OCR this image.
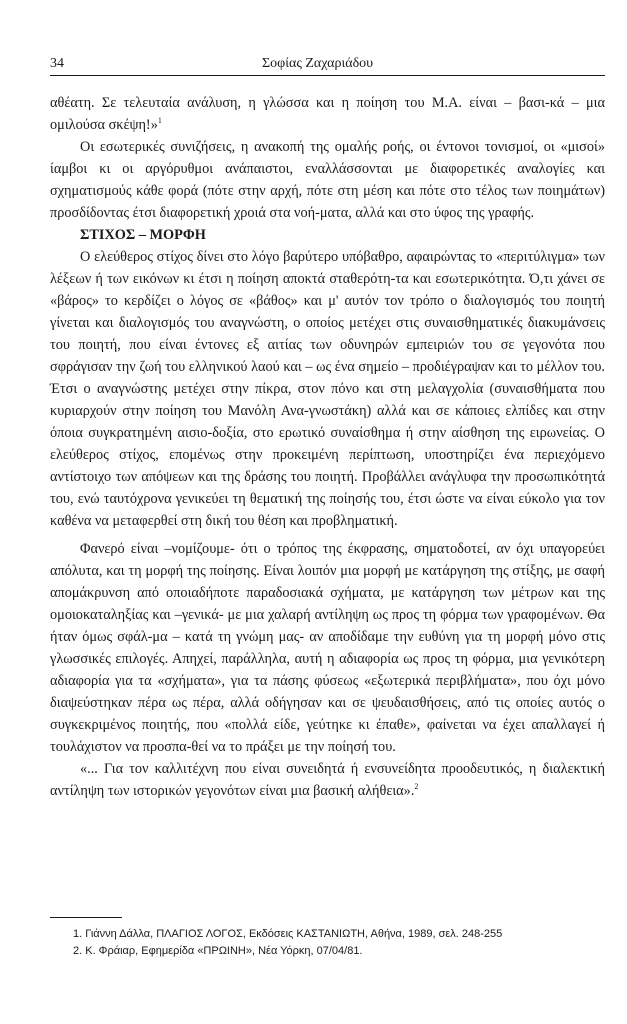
34	Σοφίας Ζαχαριάδου

αθέατη. Σε τελευταία ανάλυση, η γλώσσα και η ποίηση του Μ.Α. είναι – βασι-κά – μια ομιλούσα σκέψη!»$^1$

Οι εσωτερικές συνιζήσεις, η ανακοπή της ομαλής ροής, οι έντονοι τονισμοί, οι «μισοί» ίαμβοι κι οι αργόρυθμοι ανάπαιστοι, εναλλάσσονται με διαφορετικές αναλογίες και σχηματισμούς κάθε φορά (πότε στην αρχή, πότε στη μέση και πότε στο τέλος των ποιημάτων) προσδίδοντας έτσι διαφορετική χροιά στα νοή-ματα, αλλά και στο ύφος της γραφής.

ΣΤΙΧΟΣ – ΜΟΡΦΗ

Ο ελεύθερος στίχος δίνει στο λόγο βαρύτερο υπόβαθρο, αφαιρώντας το «περιτύλιγμα» των λέξεων ή των εικόνων κι έτσι η ποίηση αποκτά σταθερότη-τα και εσωτερικότητα. Ό,τι χάνει σε «βάρος» το κερδίζει ο λόγος σε «βάθος» και μ' αυτόν τον τρόπο ο διαλογισμός του ποιητή γίνεται και διαλογισμός του αναγνώστη, ο οποίος μετέχει στις συναισθηματικές διακυμάνσεις του ποιητή, που είναι έντονες εξ αιτίας των οδυνηρών εμπειριών του σε γεγονότα που σφράγισαν την ζωή του ελληνικού λαού και – ως ένα σημείο – προδιέγραψαν και το μέλλον του. Έτσι ο αναγνώστης μετέχει στην πίκρα, στον πόνο και στη μελαγχολία (συναισθήματα που κυριαρχούν στην ποίηση του Μανόλη Ανα-γνωστάκη) αλλά και σε κάποιες ελπίδες και στην όποια συγκρατημένη αισιο-δοξία, στο ερωτικό συναίσθημα ή στην αίσθηση της ειρωνείας. Ο ελεύθερος στίχος, επομένως στην προκειμένη περίπτωση, υποστηρίζει ένα περιεχόμενο αντίστοιχο των απόψεων και της δράσης του ποιητή. Προβάλλει ανάγλυφα την προσωπικότητά του, ενώ ταυτόχρονα γενικεύει τη θεματική της ποίησής του, έτσι ώστε να είναι εύκολο για τον καθένα να μεταφερθεί στη δική του θέση και προβληματική.

Φανερό είναι –νομίζουμε- ότι ο τρόπος της έκφρασης, σηματοδοτεί, αν όχι υπαγορεύει απόλυτα, και τη μορφή της ποίησης. Είναι λοιπόν μια μορφή με κατάργηση της στίξης, με σαφή απομάκρυνση από οποιαδήποτε παραδοσιακά σχήματα, με κατάργηση των μέτρων και της ομοιοκαταληξίας και –γενικά- με μια χαλαρή αντίληψη ως προς τη φόρμα των γραφομένων. Θα ήταν όμως σφάλ-μα – κατά τη γνώμη μας- αν αποδίδαμε την ευθύνη για τη μορφή μόνο στις γλωσσικές επιλογές. Απηχεί, παράλληλα, αυτή η αδιαφορία ως προς τη φόρμα, μια γενικότερη αδιαφορία για τα «σχήματα», για τα πάσης φύσεως «εξωτερικά περιβλήματα», που όχι μόνο διαψεύστηκαν πέρα ως πέρα, αλλά οδήγησαν και σε ψευδαισθήσεις, από τις οποίες αυτός ο συγκεκριμένος ποιητής, που «πολλά είδε, γεύτηκε κι έπαθε», φαίνεται να έχει απαλλαγεί ή τουλάχιστον να προσπα-θεί να το πράξει με την ποίησή του.

«... Για τον καλλιτέχνη που είναι συνειδητά ή ενσυνείδητα προοδευτικός, η διαλεκτική αντίληψη των ιστορικών γεγονότων είναι μια βασική αλήθεια».$^2$

1. Γιάννη Δάλλα, ΠΛΑΓΙΟΣ ΛΟΓΟΣ, Εκδόσεις ΚΑΣΤΑΝΙΩΤΗ, Αθήνα, 1989, σελ. 248-255
2. Κ. Φράιαρ, Εφημερίδα «ΠΡΩΙΝΗ», Νέα Υόρκη, 07/04/81.
